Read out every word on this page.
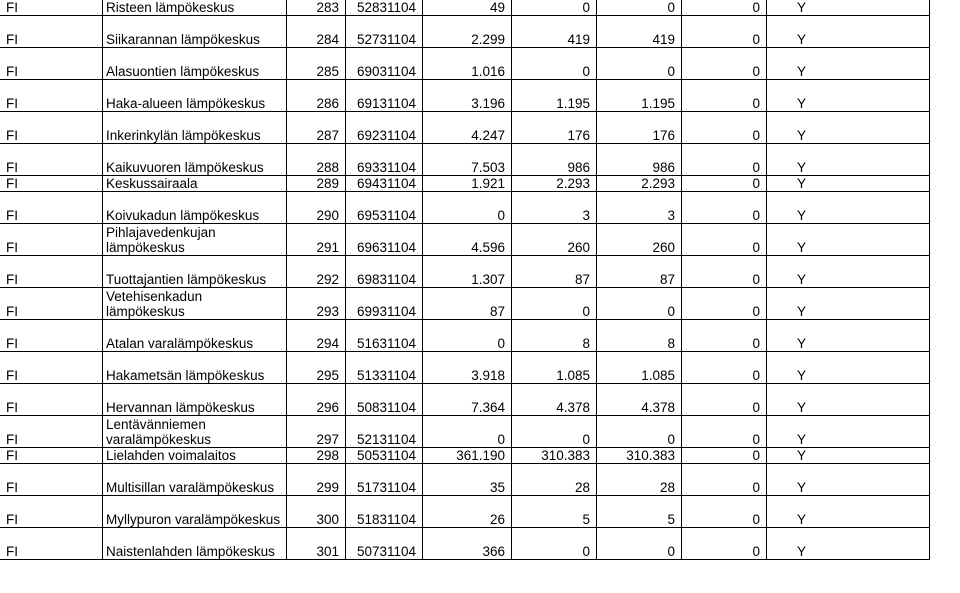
FI	Risteen lämpökeskus	283	52831104	49	0	0	0	Y
FI	Siikarannan lämpökeskus	284	52731104	2.299	419	419	0	Y
FI	Alasuontien lämpökeskus	285	69031104	1.016	0	0	0	Y
FI	Haka-alueen lämpökeskus	286	69131104	3.196	1.195	1.195	0	Y
FI	Inkerinkylän lämpökeskus	287	69231104	4.247	176	176	0	Y
FI	Kaikuvuoren lämpökeskus	288	69331104	7.503	986	986	0	Y
FI	Keskussairaala	289	69431104	1.921	2.293	2.293	0	Y
FI	Koivukadun lämpökeskus	290	69531104	0	3	3	0	Y
FI	Pihlajavedenkujan lämpökeskus	291	69631104	4.596	260	260	0	Y
FI	Tuottajantien lämpökeskus	292	69831104	1.307	87	87	0	Y
FI	Vetehisenkadun lämpökeskus	293	69931104	87	0	0	0	Y
FI	Atalan varalämpökeskus	294	51631104	0	8	8	0	Y
FI	Hakametsän lämpökeskus	295	51331104	3.918	1.085	1.085	0	Y
FI	Hervannan lämpökeskus	296	50831104	7.364	4.378	4.378	0	Y
FI	Lentävänniemen varalämpökeskus	297	52131104	0	0	0	0	Y
FI	Lielahden voimalaitos	298	50531104	361.190	310.383	310.383	0	Y
FI	Multisillan varalämpökeskus	299	51731104	35	28	28	0	Y
FI	Myllypuron varalämpökeskus	300	51831104	26	5	5	0	Y
FI	Naistenlahden lämpökeskus	301	50731104	366	0	0	0	Y
